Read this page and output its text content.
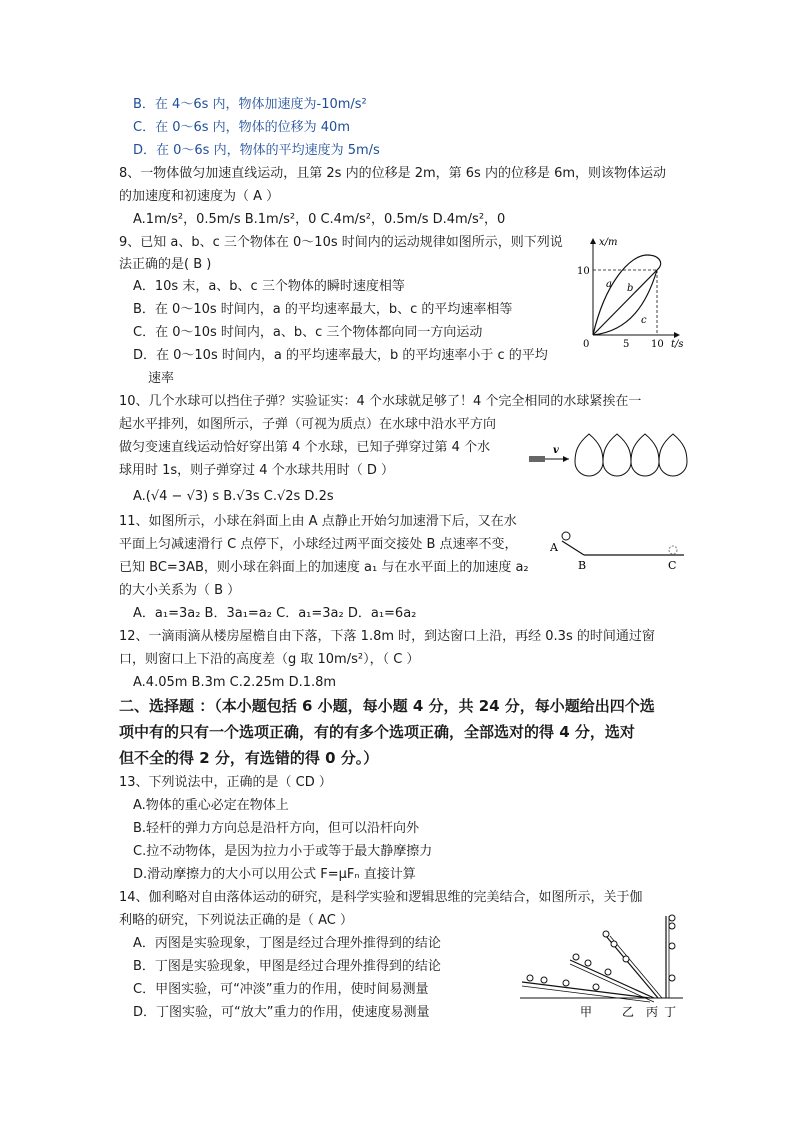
B．在 4～6s 内，物体加速度为-10m/s²
C．在 0～6s 内，物体的位移为 40m
D．在 0～6s 内，物体的平均速度为 5m/s
8、一物体做匀加速直线运动，且第 2s 内的位移是 2m，第 6s 内的位移是 6m，则该物体运动
的加速度和初速度为（ A ）
A.1m/s²，0.5m/s B.1m/s²，0 C.4m/s²，0.5m/s D.4m/s²，0
9、已知 a、b、c 三个物体在 0～10s 时间内的运动规律如图所示，则下列说
法正确的是( B )
A．10s 末，a、b、c 三个物体的瞬时速度相等
B．在 0～10s 时间内，a 的平均速率最大，b、c 的平均速率相等
C．在 0～10s 时间内，a、b、c 三个物体都向同一方向运动
D．在 0～10s 时间内，a 的平均速率最大，b 的平均速率小于 c 的平均
速率
10、几个水球可以挡住子弹？实验证实：4 个水球就足够了！4 个完全相同的水球紧挨在一
起水平排列，如图所示，子弹（可视为质点）在水球中沿水平方向
做匀变速直线运动恰好穿出第 4 个水球，已知子弹穿过第 4 个水
球用时 1s，则子弹穿过 4 个水球共用时（ D ）
A.(√4 − √3) s B.√3s C.√2s D.2s
11、如图所示，小球在斜面上由 A 点静止开始匀加速滑下后，又在水
平面上匀减速滑行 C 点停下，小球经过两平面交接处 B 点速率不变，
已知 BC=3AB，则小球在斜面上的加速度 a₁ 与在水平面上的加速度 a₂
的大小关系为（ B ）
A．a₁=3a₂ B．3a₁=a₂ C．a₁=3a₂ D．a₁=6a₂
12、一滴雨滴从楼房屋檐自由下落，下落 1.8m 时，到达窗口上沿，再经 0.3s 的时间通过窗
口，则窗口上下沿的高度差（g 取 10m/s²），（ C ）
A.4.05m B.3m C.2.25m D.1.8m
二、选择题 ：（本小题包括 6 小题，每小题 4 分，共 24 分，每小题给出四个选
项中有的只有一个选项正确，有的有多个选项正确，全部选对的得 4 分，选对
但不全的得 2 分，有选错的得 0 分。）
13、下列说法中，正确的是（ CD ）
A.物体的重心必定在物体上
B.轻杆的弹力方向总是沿杆方向，但可以沿杆向外
C.拉不动物体，是因为拉力小于或等于最大静摩擦力
D.滑动摩擦力的大小可以用公式 F=μFₙ 直接计算
14、伽利略对自由落体运动的研究，是科学实验和逻辑思维的完美结合，如图所示，关于伽
利略的研究，下列说法正确的是（ AC ）
A．丙图是实验现象，丁图是经过合理外推得到的结论
B．丁图是实验现象，甲图是经过合理外推得到的结论
C．甲图实验，可“冲淡”重力的作用，使时间易测量
D．丁图实验，可“放大”重力的作用，使速度易测量
x/m
t/s
10
5 10
0
a b
c
v
A
B	C
甲 乙 丙 丁
